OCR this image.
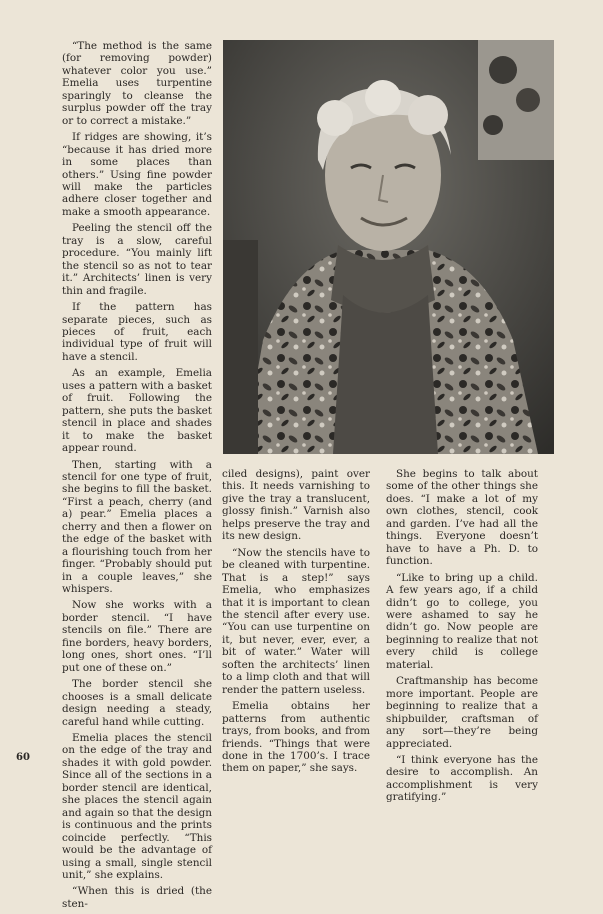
“The method is the same (for removing powder) whatever color you use.” Emelia uses turpentine sparingly to cleanse the surplus powder off the tray or to correct a mistake.”

If ridges are showing, it’s “because it has dried more in some places than others.” Using fine powder will make the particles adhere closer together and make a smooth appearance.

Peeling the stencil off the tray is a slow, careful procedure. “You mainly lift the stencil so as not to tear it.” Architects’ linen is very thin and fragile.

If the pattern has separate pieces, such as pieces of fruit, each individual type of fruit will have a stencil.

As an example, Emelia uses a pattern with a basket of fruit. Following the pattern, she puts the basket stencil in place and shades it to make the basket appear round.

Then, starting with a stencil for one type of fruit, she begins to fill the basket. “First a peach, cherry (and a) pear.” Emelia places a cherry and then a flower on the edge of the basket with a flourishing touch from her finger. “Probably should put in a couple leaves,” she whispers.

Now she works with a border stencil. “I have stencils on file.” There are fine borders, heavy borders, long ones, short ones. “I’ll put one of these on.”

The border stencil she chooses is a small delicate design needing a steady, careful hand while cutting.

Emelia places the stencil on the edge of the tray and shades it with gold powder. Since all of the sections in a border stencil are identical, she places the stencil again and again so that the design is continuous and the prints coincide perfectly. “This would be the advantage of using a small, single stencil unit,” she explains.

“When this is dried (the sten-

ciled designs), paint over this. It needs varnishing to give the tray a translucent, glossy finish.” Varnish also helps preserve the tray and its new design.

“Now the stencils have to be cleaned with turpentine. That is a step!” says Emelia, who emphasizes that it is important to clean the stencil after every use. “You can use turpentine on it, but never, ever, ever, a bit of water.” Water will soften the architects’ linen to a limp cloth and that will render the pattern useless.

Emelia obtains her patterns from authentic trays, from books, and from friends. “Things that were done in the 1700’s. I trace them on paper,” she says.

She begins to talk about some of the other things she does. “I make a lot of my own clothes, stencil, cook and garden. I’ve had all the things. Everyone doesn’t have to have a Ph. D. to function.

“Like to bring up a child. A few years ago, if a child didn’t go to college, you were ashamed to say he didn’t go. Now people are beginning to realize that not every child is college material.

Craftmanship has become more important. People are beginning to realize that a shipbuilder, craftsman of any sort—they’re being appreciated.

“I think everyone has the desire to accomplish. An accomplishment is very gratifying.”

60
